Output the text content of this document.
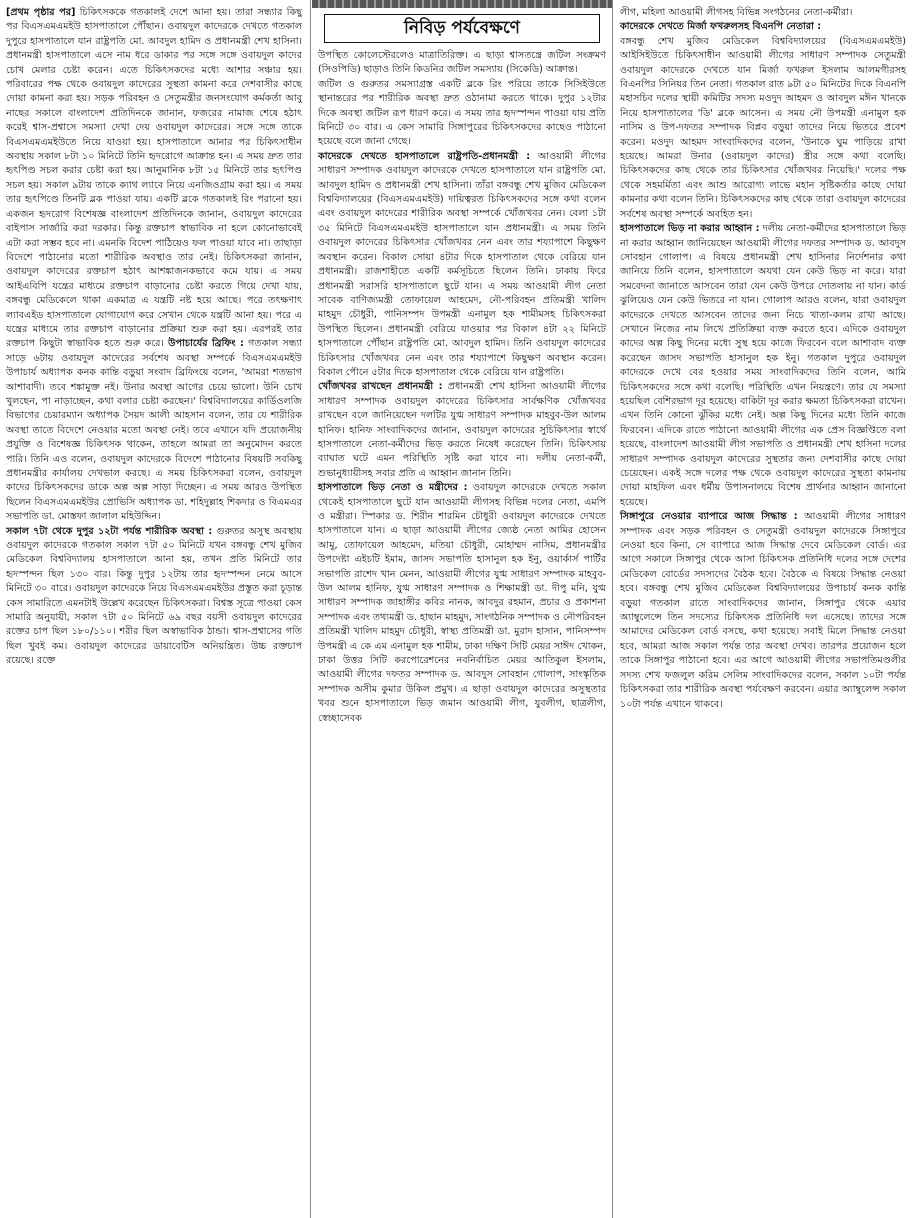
[প্রথম পৃষ্ঠার পর] চিকিৎসককে গতকালই দেশে আনা হয়। তারা সন্ধ্যার কিছু পর বিএসএমএমইউ হাসপাতালে পৌঁছান। ওবায়দুল কাদেরকে দেখতে গতকাল দুপুরে হাসপাতালে যান রাষ্ট্রপতি মো. আবদুল হামিদ ও প্রধানমন্ত্রী শেখ হাসিনা। প্রধানমন্ত্রী হাসপাতালে এসে নাম ধরে ডাকার পর সঙ্গে সঙ্গে ওবায়দুল কাদের চোখ মেলার চেষ্টা করেন। এতে চিকিৎসকদের মধ্যে আশার সঞ্চার হয়। পরিবারের পক্ষ থেকে ওবায়দুল কাদেরের সুস্থতা কামনা করে দেশবাসীর কাছে দোয়া কামনা করা হয়। সড়ক পরিবহন ও সেতুমন্ত্রীর জনসংযোগ কর্মকর্তা আবু নাছের সকালে বাংলাদেশ প্রতিদিনকে জানান, ফজরের নামাজ শেষে হঠাৎ করেই শ্বাস-প্রশ্বাসে সমস্যা দেখা দেয় ওবায়দুল কাদেরের। সঙ্গে সঙ্গে তাকে বিএসএমএমইউতে নিয়ে যাওয়া হয়। হাসপাতালে আনার পর চিকিৎসাধীন অবস্থায় সকাল ৮টা ১০ মিনিটে তিনি হৃদরোগে আক্রান্ত হন। এ সময় দ্রুত তার হৃৎপিণ্ড সচল করার চেষ্টা করা হয়। আনুমানিক ৮টা ১৫ মিনিটে তার হৃৎপিণ্ড সচল হয়। সকাল ৯টায় তাকে ক্যাথ ল্যাবে নিয়ে এনজিওগ্রাম করা হয়। এ সময় তার হৃৎপিণ্ডে তিনটি ব্লক পাওয়া যায়। একটি ব্লকে গতকালই রিং পরানো হয়। একজন হৃদরোগ বিশেষজ্ঞ বাংলাদেশ প্রতিদিনকে জানান, ওবায়দুল কাদেরের বাইপাস সার্জারি করা দরকার। কিন্তু রক্তচাপ স্বাভাবিক না হলে কোনোভাবেই এটা করা সম্ভব হবে না। এমনকি বিদেশ পাঠিয়েও ফল পাওয়া যাবে না। তাছাড়া বিদেশে পাঠানোর মতো শারীরিক অবস্থাও তার নেই। চিকিৎসকরা জানান, ওবায়দুল কাদেরের রক্তচাপ হঠাৎ আশঙ্কাজনকভাবে কমে যায়। এ সময় আইএবিপি যন্ত্রের মাধ্যমে রক্তচাপ বাড়ানোর চেষ্টা করতে গিয়ে দেখা যায়, বঙ্গবন্ধু মেডিকেলে থাকা একমাত্র এ যন্ত্রটি নষ্ট হয়ে আছে। পরে তৎক্ষণাৎ ল্যাবএইড হাসপাতালে যোগাযোগ করে সেখান থেকে যন্ত্রটি আনা হয়। পরে এ যন্ত্রের মাধ্যমে তার রক্তচাপ বাড়ানোর প্রক্রিয়া শুরু করা হয়। এরপরই তার রক্তচাপ কিছুটা স্বাভাবিক হতে শুরু করে। উপাচার্যের ব্রিফিং : গতকাল সন্ধ্যা সাড়ে ৬টায় ওবায়দুল কাদেরের সর্বশেষ অবস্থা সম্পর্কে বিএসএমএমইউ উপাচার্য অধ্যাপক কনক কান্তি বড়ুয়া সংবাদ ব্রিফিংয়ে বলেন, 'আমরা শতভাগ আশাবাদী। তবে শঙ্কামুক্ত নই। উনার অবস্থা আগের চেয়ে ভালো। উনি চোখ খুলছেন, পা নাড়াচ্ছেন, কথা বলার চেষ্টা করছেন।' বিশ্ববিদ্যালয়ের কার্ডিওলজি বিভাগের চেয়ারম্যান অধ্যাপক সৈয়দ আলী আহসান বলেন, তার যে শারীরিক অবস্থা তাতে বিদেশে নেওয়ার মতো অবস্থা নেই। তবে এখানে যদি প্রয়োজনীয় প্রযুক্তি ও বিশেষজ্ঞ চিকিৎসক থাকেন, তাহলে আমরা তা অনুমোদন করতে পারি। তিনি এও বলেন, ওবায়দুল কাদেরকে বিদেশে পাঠানোর বিষয়টি সবকিছু প্রধানমন্ত্রীর কার্যালয় দেখভাল করছে। এ সময় চিকিৎসকরা বলেন, ওবায়দুল কাদের চিকিৎসকদের ডাকে অল্প অল্প সাড়া দিচ্ছেন। এ সময় আরও উপস্থিত ছিলেন বিএসএমএমইউর প্রোভিসি অধ্যাপক ডা. শহিদুল্লাহ শিকদার ও বিএমএর সভাপতি ডা. মোস্তফা জালাল মহিউদ্দিন।

সকাল ৭টা থেকে দুপুর ১২টা পর্যন্ত শারীরিক অবস্থা : গুরুতর অসুস্থ অবস্থায় ওবায়দুল কাদেরকে গতকাল সকাল ৭টা ৫০ মিনিটে যখন বঙ্গবন্ধু শেখ মুজিব মেডিকেল বিশ্ববিদ্যালয় হাসপাতালে আনা হয়, তখন প্রতি মিনিটে তার হৃদস্পন্দন ছিল ১৩০ বার। কিন্তু দুপুর ১২টায় তার হৃদস্পন্দন নেমে আসে মিনিটে ৩০ বারে। ওবায়দুল কাদেরকে নিয়ে বিএসএমএমইউর প্রস্তুত করা চূড়ান্ত কেস সামারিতে এমনটাই উল্লেখ করেছেন চিকিৎসকরা। বিশ্বস্ত সূত্রে পাওয়া কেস সামারি অনুযায়ী, সকাল ৭টা ৫০ মিনিটে ৬৯ বছর বয়সী ওবায়দুল কাদেরের রক্তের চাপ ছিল ১৮০/১১০। শরীর ছিল অস্বাভাবিক ঠান্ডা। শ্বাস-প্রশ্বাসের গতি ছিল খুবই কম। ওবায়দুল কাদেরের ডায়াবেটিস অনিয়ন্ত্রিত। উচ্চ রক্তচাপ রয়েছে। রক্তে

নিবিড় পর্যবেক্ষণে

উপস্থিত কোলেস্টেরলেও মাত্রাতিরিক্ত। এ ছাড়া শ্বাসতন্ত্রে জটিল সংক্রমণ (সিওপিডি) ছাড়াও তিনি কিডনির জটিল সমস্যায় (সিকেডি) আক্রান্ত।

জটিল ও গুরুতর সমস্যাগ্রস্ত একটি ব্লকে রিং পরিয়ে তাকে সিসিইউতে স্থানান্তরের পর শারীরিক অবস্থা দ্রুত ওঠানামা করতে থাকে। দুপুর ১২টার দিকে অবস্থা জটিল রূপ ধারণ করে। এ সময় তার হৃদস্পন্দন পাওয়া যায় প্রতি মিনিটে ৩০ বার। এ কেস সামারি সিঙ্গাপুরের চিকিৎসকদের কাছেও পাঠানো হয়েছে বলে জানা গেছে।

কাদেরকে দেখতে হাসপাতালে রাষ্ট্রপতি-প্রধানমন্ত্রী : আওয়ামী লীগের সাধারণ সম্পাদক ওবায়দুল কাদেরকে দেখতে হাসপাতালে যান রাষ্ট্রপতি মো. আবদুল হামিদ ও প্রধানমন্ত্রী শেখ হাসিনা। তাঁরা বঙ্গবন্ধু শেখ মুজিব মেডিকেল বিশ্ববিদ্যালয়ের (বিএসএমএমইউ) দায়িত্বরত চিকিৎসকদের সঙ্গে কথা বলেন এবং ওবায়দুল কাদেরের শারীরিক অবস্থা সম্পর্কে খোঁজখবর নেন। বেলা ১টা ৩৫ মিনিটে বিএসএমএমইউ হাসপাতালে যান প্রধানমন্ত্রী। এ সময় তিনি ওবায়দুল কাদেরের চিকিৎসার খোঁজখবর নেন এবং তার শয্যাপাশে কিছুক্ষণ অবস্থান করেন। বিকাল সোয়া ৪টার দিকে হাসপাতাল থেকে বেরিয়ে যান প্রধানমন্ত্রী। রাজশাহীতে একটি কর্মসূচিতে ছিলেন তিনি। ঢাকায় ফিরে প্রধানমন্ত্রী সরাসরি হাসপাতালে ছুটে যান। এ সময় আওয়ামী লীগ নেতা সাবেক বাণিজ্যমন্ত্রী তোফায়েল আহমেদ, নৌ-পরিবহন প্রতিমন্ত্রী খালিদ মাহমুদ চৌধুরী, পানিসম্পদ উপমন্ত্রী এনামুল হক শামীমসহ চিকিৎসকরা উপস্থিত ছিলেন। প্রধানমন্ত্রী বেরিয়ে যাওয়ার পর বিকাল ৪টা ২২ মিনিটে হাসপাতালে পৌঁছান রাষ্ট্রপতি মো. আবদুল হামিদ। তিনি ওবায়দুল কাদেরের চিকিৎসার খোঁজখবর নেন এবং তার শয্যাপাশে কিছুক্ষণ অবস্থান করেন। বিকাল পৌনে ৫টার দিকে হাসপাতাল থেকে বেরিয়ে যান রাষ্ট্রপতি।

খোঁজখবর রাখছেন প্রধানমন্ত্রী : প্রধানমন্ত্রী শেখ হাসিনা আওয়ামী লীগের সাধারণ সম্পাদক ওবায়দুল কাদেরের চিকিৎসার সার্বক্ষণিক খোঁজখবর রাখছেন বলে জানিয়েছেন দলটির যুগ্ম সাধারণ সম্পাদক মাহবুব-উল আলম হানিফ। হানিফ সাংবাদিকদের জানান, ওবায়দুল কাদেরের সুচিকিৎসার স্বার্থে হাসপাতালে নেতা-কর্মীদের ভিড় করতে নিষেধ করেছেন তিনি। চিকিৎসায় ব্যাঘাত ঘটে এমন পরিস্থিতি সৃষ্টি করা যাবে না। দলীয় নেতা-কর্মী, শুভানুধ্যায়ীসহ সবার প্রতি এ আহ্বান জানান তিনি।

হাসপাতালে ভিড় নেতা ও মন্ত্রীদের : ওবায়দুল কাদেরকে দেখতে সকাল থেকেই হাসপাতালে ছুটে যান আওয়ামী লীগসহ বিভিন্ন দলের নেতা, এমপি ও মন্ত্রীরা। স্পিকার ড. শিরীন শারমিন চৌধুরী ওবায়দুল কাদেরকে দেখতে হাসপাতালে যান। এ ছাড়া আওয়ামী লীগের জ্যেষ্ঠ নেতা আমির হোসেন আমু, তোফায়েল আহমেদ, মতিয়া চৌধুরী, মোহাম্মদ নাসিম, প্রধানমন্ত্রীর উপদেষ্টা এইচটি ইমাম, জাসদ সভাপতি হাসানুল হক ইনু, ওয়ার্কার্স পার্টির সভাপতি রাশেদ খান মেনন, আওয়ামী লীগের যুগ্ম সাধারণ সম্পাদক মাহবুব-উল আলম হানিফ, যুগ্ম সাধারণ সম্পাদক ও শিক্ষামন্ত্রী ডা. দীপু মনি, যুগ্ম সাধারণ সম্পাদক জাহাঙ্গীর কবির নানক, আবদুর রহমান, প্রচার ও প্রকাশনা সম্পাদক এবং তথ্যমন্ত্রী ড. হাছান মাহমুদ, সাংগঠনিক সম্পাদক ও নৌপরিবহন প্রতিমন্ত্রী খালিদ মাহমুদ চৌধুরী, স্বাস্থ্য প্রতিমন্ত্রী ডা. মুরাদ হাসান, পানিসম্পদ উপমন্ত্রী এ কে এম এনামুল হক শামীম, ঢাকা দক্ষিণ সিটি মেয়র সাঈদ খোকন, ঢাকা উত্তর সিটি করপোরেশনের নবনির্বাচিত মেয়র আতিকুল ইসলাম, আওয়ামী লীগের দফতর সম্পাদক ড. আবদুস সোবহান গোলাপ, সাংস্কৃতিক সম্পাদক অসীম কুমার উকিল প্রমুখ। এ ছাড়া ওবায়দুল কাদেরের অসুস্থতার খবর শুনে হাসপাতালে ভিড় জমান আওয়ামী লীগ, যুবলীগ, ছাত্রলীগ, স্বেচ্ছাসেবক

লীগ, মহিলা আওয়ামী লীগসহ বিভিন্ন সংগঠনের নেতা-কর্মীরা।

কাদেরকে দেখতে মির্জা ফখরুলসহ বিএনপি নেতারা :

বঙ্গবন্ধু শেখ মুজিব মেডিকেল বিশ্ববিদ্যালয়ের (বিএসএমএমইউ) আইসিইউতে চিকিৎসাধীন আওয়ামী লীগের সাধারণ সম্পাদক সেতুমন্ত্রী ওবায়দুল কাদেরকে দেখতে যান মির্জা ফখরুল ইসলাম আলমগীরসহ বিএনপির সিনিয়র তিন নেতা। গতকাল রাত ৯টা ৫০ মিনিটের দিকে বিএনপি মহাসচিব দলের স্থায়ী কমিটির সদস্য মওদুদ আহমদ ও আবদুল মঈন খানকে নিয়ে হাসপাতালের 'ডি' ব্লকে আসেন। এ সময় নৌ উপমন্ত্রী এনামুল হক নাসিম ও উপ-দফতর সম্পাদক বিপ্লব বড়ুয়া তাদের নিয়ে ভিতরে প্রবেশ করেন। মওদুদ আহমদ সাংবাদিকদের বলেন, 'উনাকে ঘুম পাড়িয়ে রাখা হয়েছে। আমরা উনার (ওবায়দুল কাদের) স্ত্রীর সঙ্গে কথা বলেছি। চিকিৎসকদের কাছ থেকে তার চিকিৎসার খোঁজখবর নিয়েছি।' দলের পক্ষ থেকে সহমর্মিতা এবং আশু আরোগ্য লাভে মহান সৃষ্টিকর্তার কাছে দোয়া কামনার কথা বলেন তিনি। চিকিৎসকদের কাছ থেকে তারা ওবায়দুল কাদেরের সর্বশেষ অবস্থা সম্পর্কে অবহিত হন।

হাসপাতালে ভিড় না করার আহ্বান : দলীয় নেতা-কর্মীদের হাসপাতালে ভিড় না করার আহ্বান জানিয়েছেন আওয়ামী লীগের দফতর সম্পাদক ড. আবদুস সোবহান গোলাপ। এ বিষয়ে প্রধানমন্ত্রী শেখ হাসিনার নির্দেশনার কথা জানিয়ে তিনি বলেন, হাসপাতালে অযথা যেন কেউ ভিড় না করে। যারা সমবেদনা জানাতে আসবেন তারা যেন কেউ উপরে দোতলায় না যান। কার্ড ঝুলিয়েও যেন কেউ ভিতরে না যান। গোলাপ আরও বলেন, যারা ওবায়দুল কাদেরকে দেখতে আসবেন তাদের জন্য নিচে খাতা-কলম রাখা আছে। সেখানে নিজের নাম লিখে প্রতিক্রিয়া ব্যক্ত করতে হবে। এদিকে ওবায়দুল কাদের অল্প কিছু দিনের মধ্যে সুস্থ হয়ে কাজে ফিরবেন বলে আশাবাদ ব্যক্ত করেছেন জাসদ সভাপতি হাসানুল হক ইনু। গতকাল দুপুরে ওবায়দুল কাদেরকে দেখে বের হওয়ার সময় সাংবাদিকদের তিনি বলেন, আমি চিকিৎসকদের সঙ্গে কথা বলেছি। পরিস্থিতি এখন নিয়ন্ত্রণে। তার যে সমস্যা হয়েছিল বেশিরভাগ দূর হয়েছে। বাকিটা দূর করার ক্ষমতা চিকিৎসকরা রাখেন। এখন তিনি কোনো ঝুঁকির মধ্যে নেই। অল্প কিছু দিনের মধ্যে তিনি কাজে ফিরবেন। এদিকে রাতে পাঠানো আওয়ামী লীগের এক প্রেস বিজ্ঞপ্তিতে বলা হয়েছে, বাংলাদেশ আওয়ামী লীগ সভাপতি ও প্রধানমন্ত্রী শেখ হাসিনা দলের সাধারণ সম্পাদক ওবায়দুল কাদেরের সুস্থতার জন্য দেশবাসীর কাছে দোয়া চেয়েছেন। একই সঙ্গে দলের পক্ষ থেকে ওবায়দুল কাদেরের সুস্থতা কামনায় দোয়া মাহফিল এবং ধর্মীয় উপাসনালয়ে বিশেষ প্রার্থনার আহ্বান জানানো হয়েছে।

সিঙ্গাপুরে নেওয়ার ব্যাপারে আজ সিদ্ধান্ত : আওয়ামী লীগের সাধারণ সম্পাদক এবং সড়ক পরিবহন ও সেতুমন্ত্রী ওবায়দুল কাদেরকে সিঙ্গাপুরে নেওয়া হবে কিনা, সে ব্যাপারে আজ সিদ্ধান্ত দেবে মেডিকেল বোর্ড। এর আগে সকালে সিঙ্গাপুর থেকে আসা চিকিৎসক প্রতিনিধি দলের সঙ্গে দেশের মেডিকেল বোর্ডের সদস্যদের বৈঠক হবে। বৈঠকে এ বিষয়ে সিদ্ধান্ত নেওয়া হবে। বঙ্গবন্ধু শেখ মুজিব মেডিকেল বিশ্ববিদ্যালয়ের উপাচার্য কনক কান্তি বড়ুয়া গতকাল রাতে সাংবাদিকদের জানান, সিঙ্গাপুর থেকে এয়ার অ্যাম্বুলেন্সে তিন সদস্যের চিকিৎসক প্রতিনিধি দল এসেছে। তাদের সঙ্গে আমাদের মেডিকেল বোর্ড বসছে, কথা হয়েছে। সবাই মিলে সিদ্ধান্ত নেওয়া হবে, আমরা আজ সকাল পর্যন্ত তার অবস্থা দেখব। তারপর প্রয়োজন হলে তাকে সিঙ্গাপুর পাঠানো হবে। এর আগে আওয়ামী লীগের সভাপতিমণ্ডলীর সদস্য শেখ ফজলুল করিম সেলিম সাংবাদিকদের বলেন, সকাল ১০টা পর্যন্ত চিকিৎসকরা তার শারীরিক অবস্থা পর্যবেক্ষণ করবেন। এয়ার অ্যাম্বুলেন্স সকাল ১০টা পর্যন্ত এখানে থাকবে।
